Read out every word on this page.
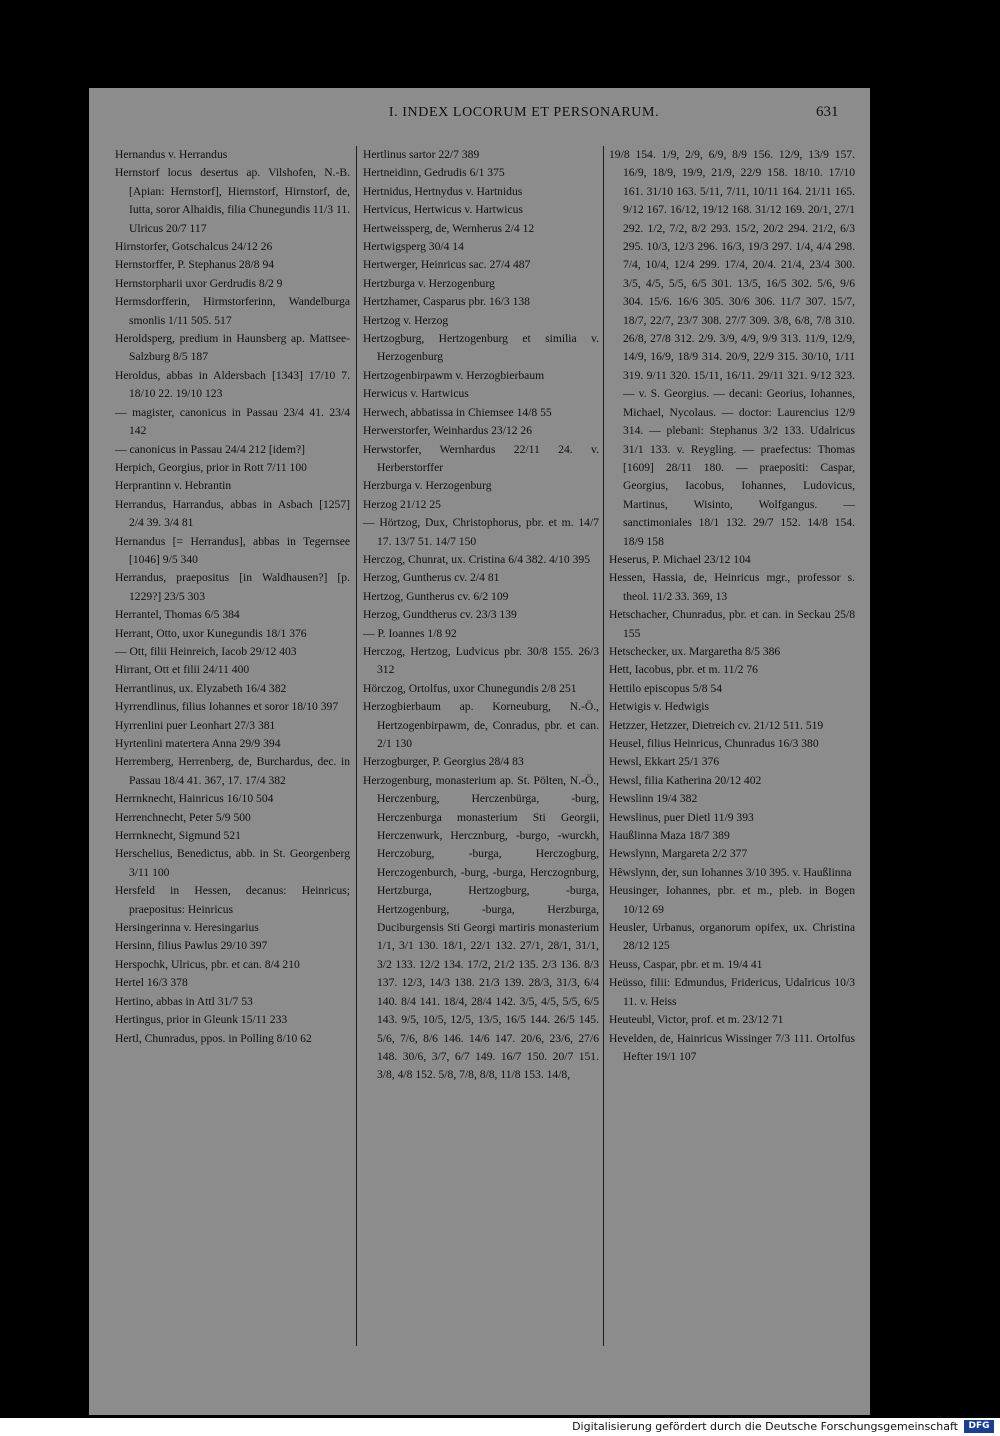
I. INDEX LOCORUM ET PERSONARUM.	631

Hernandus v. Herrandus

Hernstorf locus desertus ap. Vilshofen, N.-B. [Apian: Hernstorf], Hiernstorf, Hirnstorf, de, Iutta, soror Alhaidis, filia Chunegundis 11/3 11. Ulricus 20/7 117

Hirnstorfer, Gotschalcus 24/12 26

Hernstorffer, P. Stephanus 28/8 94

Hernstorpharii uxor Gerdrudis 8/2 9

Hermsdorfferin, Hirmstorferinn, Wandelburga smonlis 1/11 505. 517

Heroldsperg, predium in Haunsberg ap. Mattsee-Salzburg 8/5 187

Heroldus, abbas in Aldersbach [1343] 17/10 7. 18/10 22. 19/10 123

— magister, canonicus in Passau 23/4 41. 23/4 142

— canonicus in Passau 24/4 212 [idem?]

Herpich, Georgius, prior in Rott 7/11 100

Herprantinn v. Hebrantin

Herrandus, Harrandus, abbas in Asbach [1257] 2/4 39. 3/4 81

Hernandus [= Herrandus], abbas in Tegernsee [1046] 9/5 340

Herrandus, praepositus [in Waldhausen?] [p. 1229?] 23/5 303

Herrantel, Thomas 6/5 384

Herrant, Otto, uxor Kunegundis 18/1 376

— Ott, filii Heinreich, Iacob 29/12 403

Hirrant, Ott et filii 24/11 400

Herrantlinus, ux. Elyzabeth 16/4 382

Hyrrendlinus, filius Iohannes et soror 18/10 397

Hyrrenlini puer Leonhart 27/3 381

Hyrtenlini matertera Anna 29/9 394

Herremberg, Herrenberg, de, Burchardus, dec. in Passau 18/4 41. 367, 17. 17/4 382

Herrnknecht, Hainricus 16/10 504

Herrenchnecht, Peter 5/9 500

Herrnknecht, Sigmund 521

Herschelius, Benedictus, abb. in St. Georgenberg 3/11 100

Hersfeld in Hessen, decanus: Heinricus; praepositus: Heinricus

Hersingerinna v. Heresingarius

Hersinn, filius Pawlus 29/10 397

Herspochk, Ulricus, pbr. et can. 8/4 210

Hertel 16/3 378

Hertino, abbas in Attl 31/7 53

Hertingus, prior in Gleunk 15/11 233

Hertl, Chunradus, ppos. in Polling 8/10 62

Hertlinus sartor 22/7 389

Hertneidinn, Gedrudis 6/1 375

Hertnidus, Hertnydus v. Hartnidus

Hertvicus, Hertwicus v. Hartwicus

Hertweissperg, de, Wernherus 2/4 12

Hertwigsperg 30/4 14

Hertwerger, Heinricus sac. 27/4 487

Hertzburga v. Herzogenburg

Hertzhamer, Casparus pbr. 16/3 138

Hertzog v. Herzog

Hertzogburg, Hertzogenburg et similia v. Herzogenburg

Hertzogenbirpawm v. Herzogbierbaum

Herwicus v. Hartwicus

Herwech, abbatissa in Chiemsee 14/8 55

Herwerstorfer, Weinhardus 23/12 26

Herwstorfer, Wernhardus 22/11 24. v. Herberstorffer

Herzburga v. Herzogenburg

Herzog 21/12 25

— Hörtzog, Dux, Christophorus, pbr. et m. 14/7 17. 13/7 51. 14/7 150

Herczog, Chunrat, ux. Cristina 6/4 382. 4/10 395

Herzog, Guntherus cv. 2/4 81

Hertzog, Guntherus cv. 6/2 109

Herzog, Gundtherus cv. 23/3 139

— P. Ioannes 1/8 92

Herczog, Hertzog, Ludvicus pbr. 30/8 155. 26/3 312

Hörczog, Ortolfus, uxor Chunegundis 2/8 251

Herzogbierbaum ap. Korneuburg, N.-Ö., Hertzogenbirpawm, de, Conradus, pbr. et can. 2/1 130

Herzogburger, P. Georgius 28/4 83

Herzogenburg, monasterium ap. St. Pölten, N.-Ö., Herczenburg, Herczenbürga, -burg, Herczenburga monasterium Sti Georgii, Herczenwurk, Hercznburg, -burgo, -wurckh, Herczoburg, -burga, Herczogburg, Herczogenburch, -burg, -burga, Herczognburg, Hertzburga, Hertzogburg, -burga, Hertzogenburg, -burga, Herzburga, Duciburgensis Sti Georgi martiris monasterium 1/1, 3/1 130. 18/1, 22/1 132. 27/1, 28/1, 31/1, 3/2 133. 12/2 134. 17/2, 21/2 135. 2/3 136. 8/3 137. 12/3, 14/3 138. 21/3 139. 28/3, 31/3, 6/4 140. 8/4 141. 18/4, 28/4 142. 3/5, 4/5, 5/5, 6/5 143. 9/5, 10/5, 12/5, 13/5, 16/5 144. 26/5 145. 5/6, 7/6, 8/6 146. 14/6 147. 20/6, 23/6, 27/6 148. 30/6, 3/7, 6/7 149. 16/7 150. 20/7 151. 3/8, 4/8 152. 5/8, 7/8, 8/8, 11/8 153. 14/8,

19/8 154. 1/9, 2/9, 6/9, 8/9 156. 12/9, 13/9 157. 16/9, 18/9, 19/9, 21/9, 22/9 158. 18/10. 17/10 161. 31/10 163. 5/11, 7/11, 10/11 164. 21/11 165. 9/12 167. 16/12, 19/12 168. 31/12 169. 20/1, 27/1 292. 1/2, 7/2, 8/2 293. 15/2, 20/2 294. 21/2, 6/3 295. 10/3, 12/3 296. 16/3, 19/3 297. 1/4, 4/4 298. 7/4, 10/4, 12/4 299. 17/4, 20/4. 21/4, 23/4 300. 3/5, 4/5, 5/5, 6/5 301. 13/5, 16/5 302. 5/6, 9/6 304. 15/6. 16/6 305. 30/6 306. 11/7 307. 15/7, 18/7, 22/7, 23/7 308. 27/7 309. 3/8, 6/8, 7/8 310. 26/8, 27/8 312. 2/9. 3/9, 4/9, 9/9 313. 11/9, 12/9, 14/9, 16/9, 18/9 314. 20/9, 22/9 315. 30/10, 1/11 319. 9/11 320. 15/11, 16/11. 29/11 321. 9/12 323. — v. S. Georgius. — decani: Georius, Iohannes, Michael, Nycolaus. — doctor: Laurencius 12/9 314. — plebani: Stephanus 3/2 133. Udalricus 31/1 133. v. Reygling. — praefectus: Thomas [1609] 28/11 180. — praepositi: Caspar, Georgius, Iacobus, Iohannes, Ludovicus, Martinus, Wisinto, Wolfgangus. — sanctimoniales 18/1 132. 29/7 152. 14/8 154. 18/9 158

Heserus, P. Michael 23/12 104

Hessen, Hassia, de, Heinricus mgr., professor s. theol. 11/2 33. 369, 13

Hetschacher, Chunradus, pbr. et can. in Seckau 25/8 155

Hetschecker, ux. Margaretha 8/5 386

Hett, Iacobus, pbr. et m. 11/2 76

Hettilo episcopus 5/8 54

Hetwigis v. Hedwigis

Hetzzer, Hetzzer, Dietreich cv. 21/12 511. 519

Heusel, filius Heinricus, Chunradus 16/3 380

Hewsl, Ekkart 25/1 376

Hewsl, filia Katherina 20/12 402

Hewslinn 19/4 382

Hewslinus, puer Dietl 11/9 393

Haußlinna Maza 18/7 389

Hewslynn, Margareta 2/2 377

Hêwslynn, der, sun Iohannes 3/10 395. v. Haußlinna

Heusinger, Iohannes, pbr. et m., pleb. in Bogen 10/12 69

Heusler, Urbanus, organorum opifex, ux. Christina 28/12 125

Heuss, Caspar, pbr. et m. 19/4 41

Heüsso, filii: Edmundus, Fridericus, Udalricus 10/3 11. v. Heiss

Heuteubl, Victor, prof. et m. 23/12 71

Hevelden, de, Hainricus Wissinger 7/3 111. Ortolfus Hefter 19/1 107

Digitalisierung gefördert durch die Deutsche Forschungsgemeinschaft	DFG
